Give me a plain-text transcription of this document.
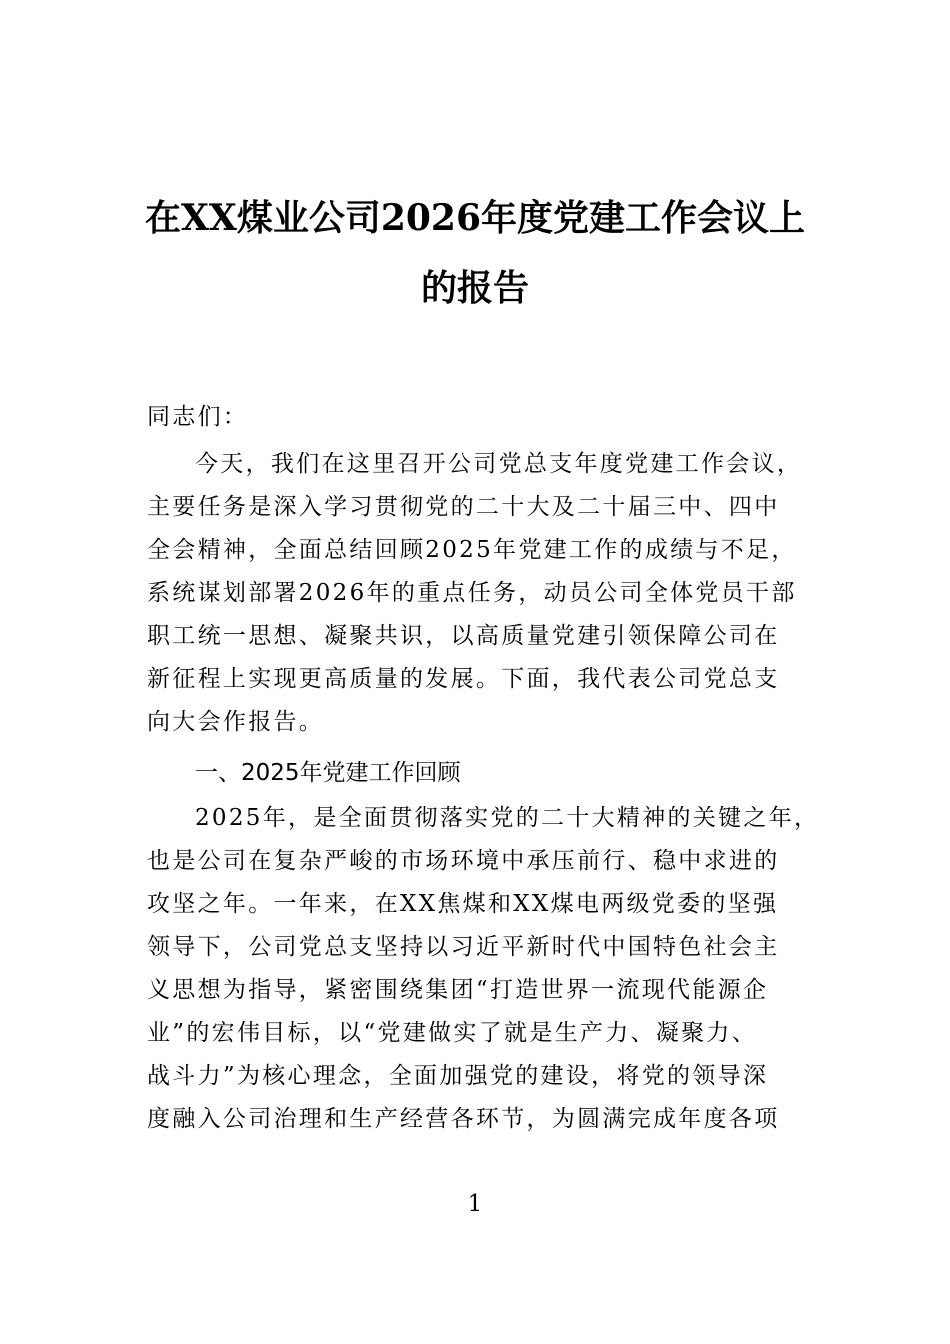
在XX煤业公司2026年度党建工作会议上
的报告
同志们：
今天，我们在这里召开公司党总支年度党建工作会议，
主要任务是深入学习贯彻党的二十大及二十届三中、四中
全会精神，全面总结回顾2025年党建工作的成绩与不足，
系统谋划部署2026年的重点任务，动员公司全体党员干部
职工统一思想、凝聚共识，以高质量党建引领保障公司在
新征程上实现更高质量的发展。下面，我代表公司党总支
向大会作报告。
一、2025年党建工作回顾
2025年，是全面贯彻落实党的二十大精神的关键之年，
也是公司在复杂严峻的市场环境中承压前行、稳中求进的
攻坚之年。一年来，在XX焦煤和XX煤电两级党委的坚强
领导下，公司党总支坚持以习近平新时代中国特色社会主
义思想为指导，紧密围绕集团“打造世界一流现代能源企
业”的宏伟目标，以“党建做实了就是生产力、凝聚力、
战斗力”为核心理念，全面加强党的建设，将党的领导深
度融入公司治理和生产经营各环节，为圆满完成年度各项
1
